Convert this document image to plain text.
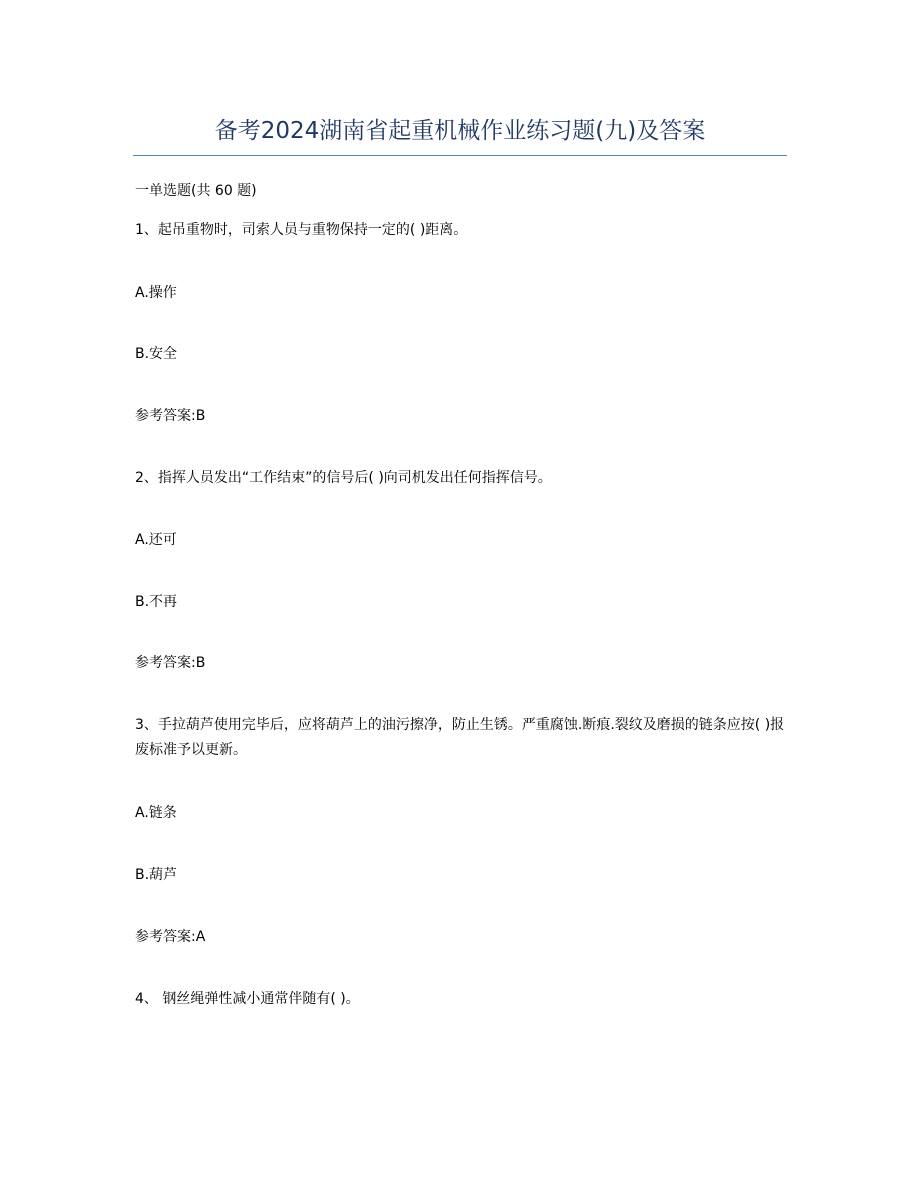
备考2024湖南省起重机械作业练习题(九)及答案
一单选题(共 60 题)
1、起吊重物时，司索人员与重物保持一定的( )距离。
A.操作
B.安全
参考答案:B
2、指挥人员发出“工作结束”的信号后( )向司机发出任何指挥信号。
A.还可
B.不再
参考答案:B
3、手拉葫芦使用完毕后，应将葫芦上的油污擦净，防止生锈。严重腐蚀.断痕.裂纹及磨损的链条应按( )报废标准予以更新。
A.链条
B.葫芦
参考答案:A
4、 钢丝绳弹性减小通常伴随有( )。
